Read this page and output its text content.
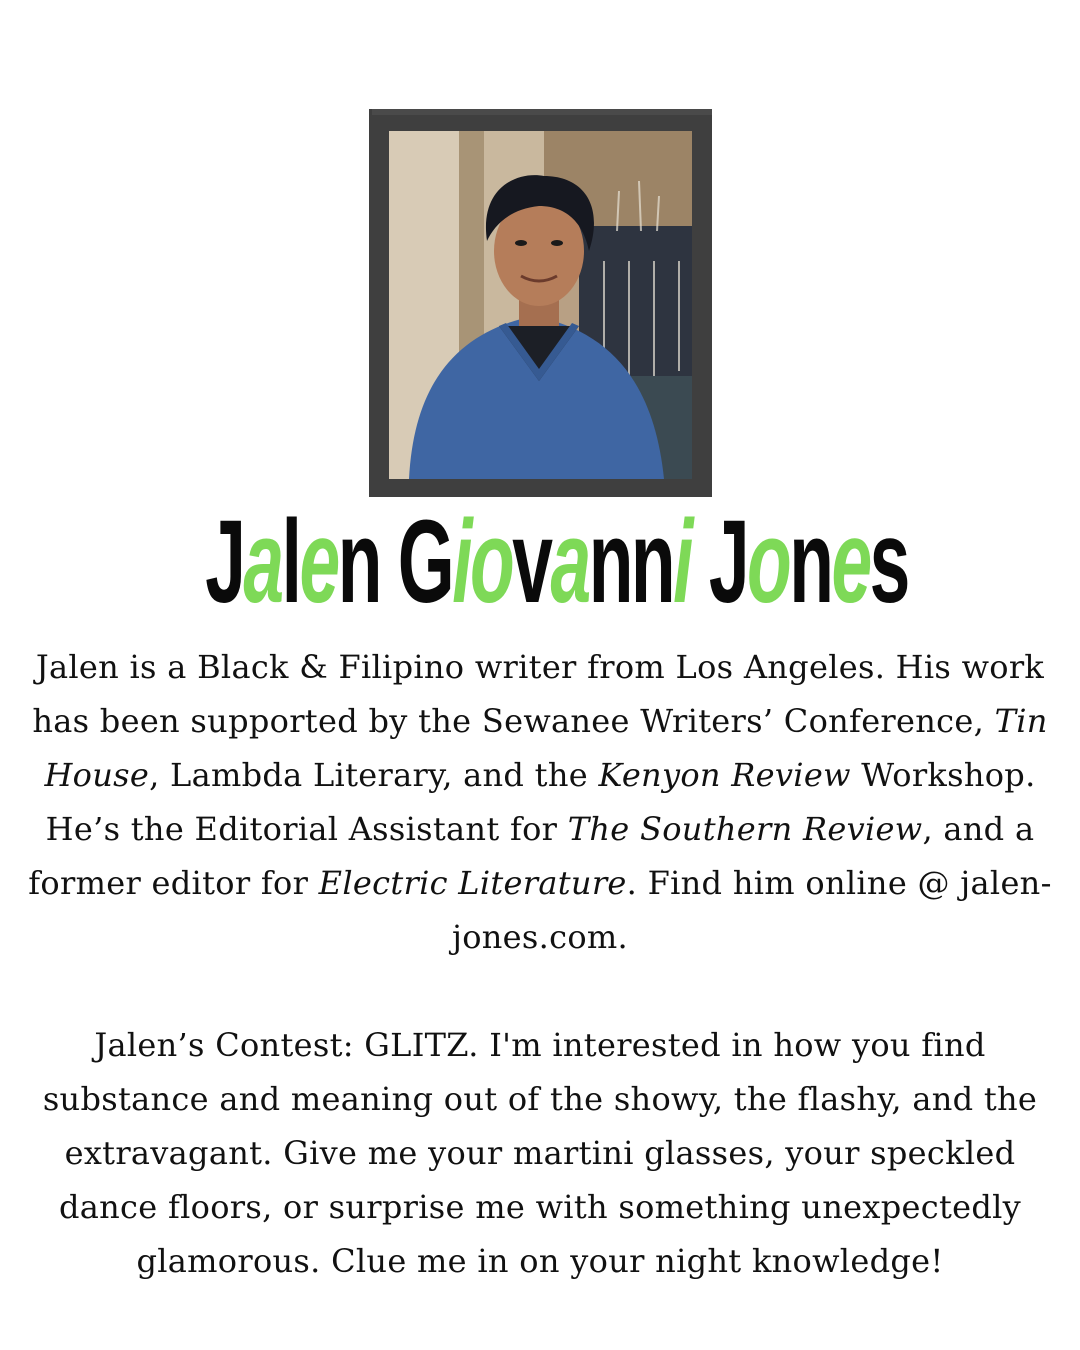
Jalen Giovanni Jones

Jalen is a Black & Filipino writer from Los Angeles. His work has been supported by the Sewanee Writers’ Conference, Tin House, Lambda Literary, and the Kenyon Review Workshop. He’s the Editorial Assistant for The Southern Review, and a former editor for Electric Literature. Find him online @ jalen-jones.com.

Jalen’s Contest: GLITZ. I'm interested in how you find substance and meaning out of the showy, the flashy, and the extravagant. Give me your martini glasses, your speckled dance floors, or surprise me with something unexpectedly glamorous. Clue me in on your night knowledge!
